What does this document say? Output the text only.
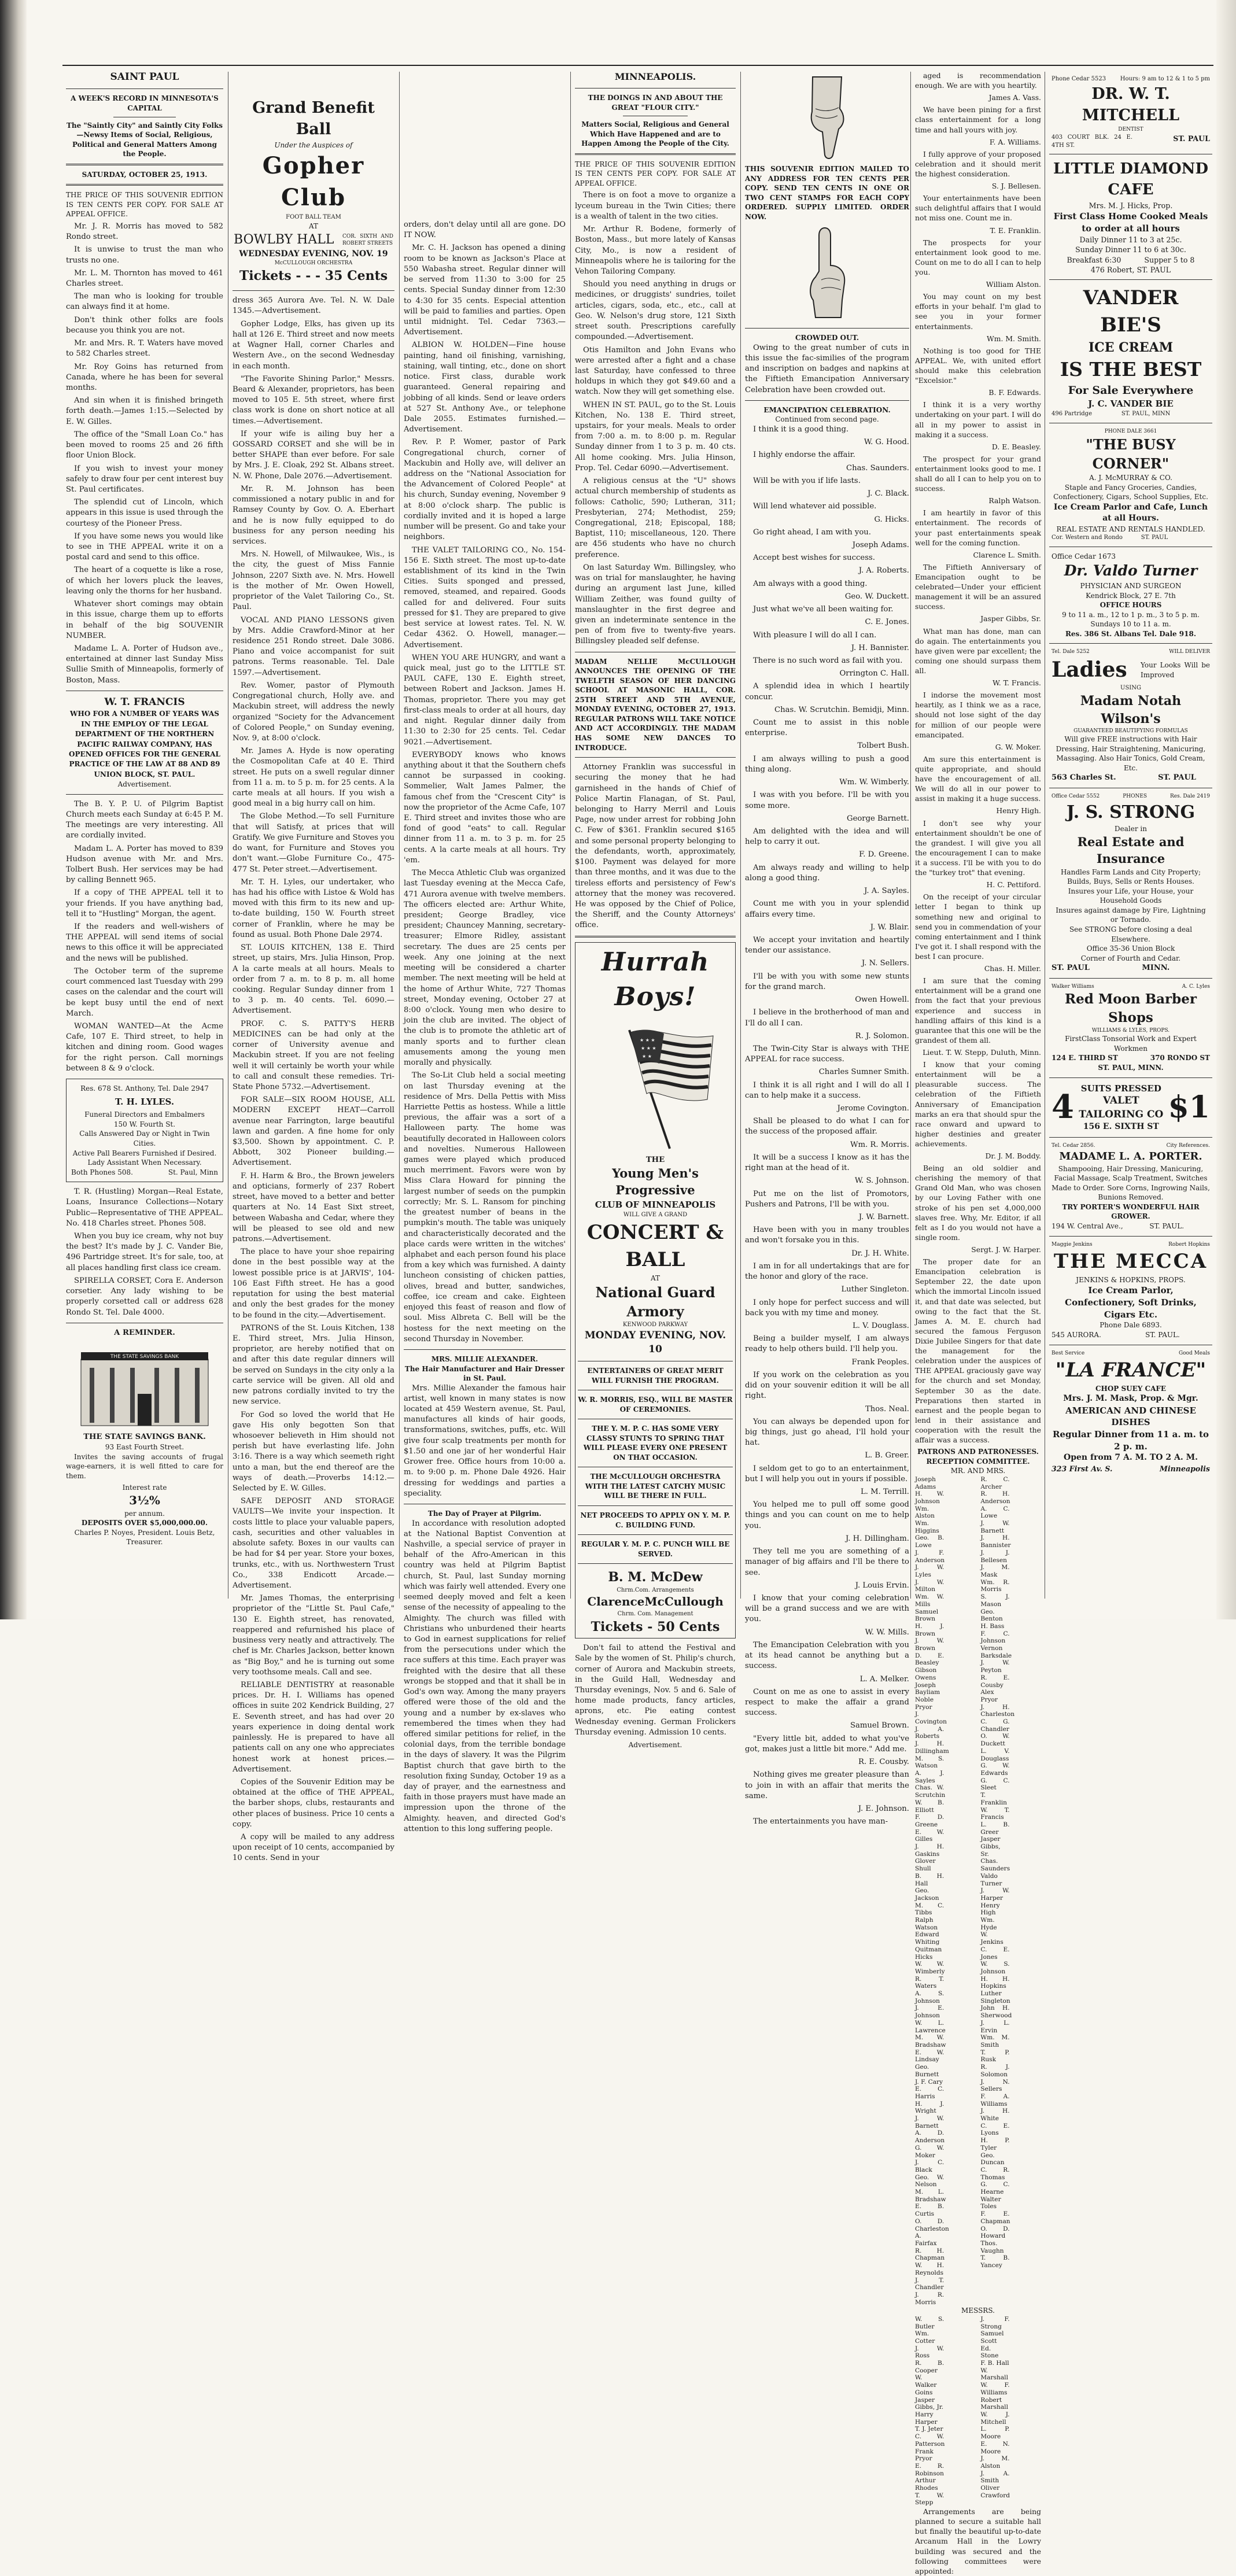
SAINT PAUL
A WEEK'S RECORD IN MINNESOTA'S CAPITAL
The "Saintly City" and Saintly City Folks—Newsy Items of Social, Religious, Political and General Matters Among the People.
SATURDAY, OCTOBER 25, 1913.

THE PRICE OF THIS SOUVENIR EDITION IS TEN CENTS PER COPY. FOR SALE AT APPEAL OFFICE.

Mr. J. R. Morris has moved to 582 Rondo street.

It is unwise to trust the man who trusts no one.

Mr. L. M. Thornton has moved to 461 Charles street.

The man who is looking for trouble can always find it at home.

Don't think other folks are fools because you think you are not.

Mr. and Mrs. R. T. Waters have moved to 582 Charles street.

Mr. Roy Goins has returned from Canada, where he has been for several months.

And sin when it is finished bringeth forth death.—James 1:15.—Selected by E. W. Gilles.

The office of the "Small Loan Co." has been moved to rooms 25 and 26 fifth floor Union Block.

If you wish to invest your money safely to draw four per cent interest buy St. Paul certificates.

The splendid cut of Lincoln, which appears in this issue is used through the courtesy of the Pioneer Press.

If you have some news you would like to see in THE APPEAL write it on a postal card and send to this office.

The heart of a coquette is like a rose, of which her lovers pluck the leaves, leaving only the thorns for her husband.

Whatever short comings may obtain in this issue, charge them up to efforts in behalf of the big SOUVENIR NUMBER.

Madame L. A. Porter of Hudson ave., entertained at dinner last Sunday Miss Sullie Smith of Minneapolis, formerly of Boston, Mass.

W. T. FRANCIS
WHO FOR A NUMBER OF YEARS WAS IN THE EMPLOY OF THE LEGAL DEPARTMENT OF THE NORTHERN PACIFIC RAILWAY COMPANY, HAS OPENED OFFICES FOR THE GENERAL PRACTICE OF THE LAW AT 88 AND 89 UNION BLOCK, ST. PAUL.
Advertisement.

The B. Y. P. U. of Pilgrim Baptist Church meets each Sunday at 6:45 P. M. The meetings are very interesting. All are cordially invited.

Madam L. A. Porter has moved to 839 Hudson avenue with Mr. and Mrs. Tolbert Bush. Her services may be had by calling Bennett 965.

If a copy of THE APPEAL tell it to your friends. If you have anything bad, tell it to "Hustling" Morgan, the agent.

If the readers and well-wishers of THE APPEAL will send items of social news to this office it will be appreciated and the news will be published.

The October term of the supreme court commenced last Tuesday with 299 cases on the calendar and the court will be kept busy until the end of next March.

WOMAN WANTED—At the Acme Cafe, 107 E. Third street, to help in kitchen and dining room. Good wages for the right person. Call mornings between 8 & 9 o'clock.

Res. 678 St. Anthony, Tel. Dale 2947
T. H. LYLES.
Funeral Directors and Embalmers
150 W. Fourth St.
Calls Answered Day or Night in Twin Cities.
Active Pall Bearers Furnished if Desired.
Lady Assistant When Necessary.
Both Phones 508.	St. Paul, Minn

T. R. (Hustling) Morgan—Real Estate, Loans, Insurance Collections—Notary Public—Representative of THE APPEAL. No. 418 Charles street. Phones 508.

When you buy ice cream, why not buy the best? It's made by J. C. Vander Bie, 496 Partridge street. It's for sale, too, at all places handling first class ice cream.

SPIRELLA CORSET, Cora E. Anderson corsetier. Any lady wishing to be properly corsetted call or address 628 Rondo St. Tel. Dale 4000.

A REMINDER.
THE STATE SAVINGS BANK
THE STATE SAVINGS BANK.
93 East Fourth Street.

Invites the saving accounts of frugal wage-earners, it is well fitted to care for them.

Interest rate
3½%
per annum.
DEPOSITS OVER $5,000,000.00.
Charles P. Noyes, President. Louis Betz, Treasurer.
Grand Benefit Ball
Under the Auspices of
Gopher Club
FOOT BALL TEAM
AT
BOWLBY HALL COR. SIXTH AND ROBERT STREETS
WEDNESDAY EVENING, NOV. 19
McCULLOUGH ORCHESTRA
Tickets - - - 35 Cents

dress 365 Aurora Ave. Tel. N. W. Dale 1345.—Advertisement.

Gopher Lodge, Elks, has given up its hall at 126 E. Third street and now meets at Wagner Hall, corner Charles and Western Ave., on the second Wednesday in each month.

"The Favorite Shining Parlor," Messrs. Beard & Alexander, proprietors, has been moved to 105 E. 5th street, where first class work is done on short notice at all times.—Advertisement.

If your wife is ailing buy her a GOSSARD CORSET and she will be in better SHAPE than ever before. For sale by Mrs. J. E. Cloak, 292 St. Albans street. N. W. Phone, Dale 2076.—Advertisement.

Mr. R. M. Johnson has been commissioned a notary public in and for Ramsey County by Gov. O. A. Eberhart and he is now fully equipped to do business for any person needing his services.

Mrs. N. Howell, of Milwaukee, Wis., is the city, the guest of Miss Fannie Johnson, 2207 Sixth ave. N. Mrs. Howell is the mother of Mr. Owen Howell, proprietor of the Valet Tailoring Co., St. Paul.

VOCAL AND PIANO LESSONS given by Mrs. Addie Crawford-Minor at her residence 251 Rondo street. Dale 3086. Piano and voice accompanist for suit patrons. Terms reasonable. Tel. Dale 1597.—Advertisement.

Rev. Womer, pastor of Plymouth Congregational church, Holly ave. and Mackubin street, will address the newly organized "Society for the Advancement of Colored People," on Sunday evening, Nov. 9, at 8:00 o'clock.

Mr. James A. Hyde is now operating the Cosmopolitan Cafe at 40 E. Third street. He puts on a swell regular dinner from 11 a. m. to 5 p. m. for 25 cents. A la carte meals at all hours. If you wish a good meal in a big hurry call on him.

The Globe Method.—To sell Furniture that will Satisfy, at prices that will Gratify. We give Furniture and Stoves you do want, for Furniture and Stoves you don't want.—Globe Furniture Co., 475-477 St. Peter street.—Advertisement.

Mr. T. H. Lyles, our undertaker, who has had his office with Listoe & Wold has moved with this firm to its new and up-to-date building, 150 W. Fourth street corner of Franklin, where he may be found as usual. Both Phone Dale 2974.

ST. LOUIS KITCHEN, 138 E. Third street, up stairs, Mrs. Julia Hinson, Prop. A la carte meals at all hours. Meals to order from 7 a. m. to 8 p. m. all home cooking. Regular Sunday dinner from 1 to 3 p. m. 40 cents. Tel. 6090.—Advertisement.

PROF. C. S. PATTY'S HERB MEDICINES can be had only at the corner of University avenue and Mackubin street. If you are not feeling well it will certainly be worth your while to call and consult these remedies. Tri-State Phone 5732.—Advertisement.

FOR SALE—SIX ROOM HOUSE, ALL MODERN EXCEPT HEAT—Carroll avenue near Farrington, large beautiful lawn and garden. A fine home for only $3,500. Shown by appointment. C. P. Abbott, 302 Pioneer building.—Advertisement.

F. H. Harm & Bro., the Brown jewelers and opticians, formerly of 237 Robert street, have moved to a better and better quarters at No. 14 East Sixt street, between Wabasha and Cedar, where they will be pleased to see old and new patrons.—Advertisement.

The place to have your shoe repairing done in the best possible way at the lowest possible price is at JARVIS', 104-106 East Fifth street. He has a good reputation for using the best material and only the best grades for the money to be found in the city.—Advertisement.

PATRONS of the St. Louis Kitchen, 138 E. Third street, Mrs. Julia Hinson, proprietor, are hereby notified that on and after this date regular dinners will be served on Sundays in the city only a la carte service will be given. All old and new patrons cordially invited to try the new service.

For God so loved the world that He gave His only begotten Son that whosoever believeth in Him should not perish but have everlasting life. John 3:16. There is a way which seemeth right unto a man, but the end thereof are the ways of death.—Proverbs 14:12.—Selected by E. W. Gilles.

SAFE DEPOSIT AND STORAGE VAULTS—We invite your inspection. It costs little to place your valuable papers, cash, securities and other valuables in absolute safety. Boxes in our vaults can be had for $4 per year. Store your boxes, trunks, etc., with us. Northwestern Trust Co., 338 Endicott Arcade.—Advertisement.

Mr. James Thomas, the enterprising proprietor of the "Little St. Paul Cafe," 130 E. Eighth street, has renovated, reappered and refurnished his place of business very neatly and attractively. The chef is Mr. Charles Jackson, better known as "Big Boy," and he is turning out some very toothsome meals. Call and see.

RELIABLE DENTISTRY at reasonable prices. Dr. H. I. Williams has opened offices in suite 202 Kendrick Building, 27 E. Seventh street, and has had over 20 years experience in doing dental work painlessly. He is prepared to have all patients call on any one who appreciates honest work at honest prices.—Advertisement.

Copies of the Souvenir Edition may be obtained at the office of THE APPEAL, the barber shops, clubs, restaurants and other places of business. Price 10 cents a copy.

A copy will be mailed to any address upon receipt of 10 cents, accompanied by 10 cents. Send in your

orders, don't delay until all are gone. DO IT NOW.

Mr. C. H. Jackson has opened a dining room to be known as Jackson's Place at 550 Wabasha street. Regular dinner will be served from 11:30 to 3:00 for 25 cents. Special Sunday dinner from 12:30 to 4:30 for 35 cents. Especial attention will be paid to families and parties. Open until midnight. Tel. Cedar 7363.—Advertisement.

ALBION W. HOLDEN—Fine house painting, hand oil finishing, varnishing, staining, wall tinting, etc., done on short notice. First class, durable work guaranteed. General repairing and jobbing of all kinds. Send or leave orders at 527 St. Anthony Ave., or telephone Dale 2055. Estimates furnished.—Advertisement.

Rev. P. P. Womer, pastor of Park Congregational church, corner of Mackubin and Holly ave, will deliver an address on the "National Association for the Advancement of Colored People" at his church, Sunday evening, November 9 at 8:00 o'clock sharp. The public is cordially invited and it is hoped a large number will be present. Go and take your neighbors.

THE VALET TAILORING CO., No. 154-156 E. Sixth street. The most up-to-date establishment of its kind in the Twin Cities. Suits sponged and pressed, removed, steamed, and repaired. Goods called for and delivered. Four suits pressed for $1. They are prepared to give best service at lowest rates. Tel. N. W. Cedar 4362. O. Howell, manager.—Advertisement.

WHEN YOU ARE HUNGRY, and want a quick meal, just go to the LITTLE ST. PAUL CAFE, 130 E. Eighth street, between Robert and Jackson. James H. Thomas, proprietor. There you may get first-class meals to order at all hours, day and night. Regular dinner daily from 11:30 to 2:30 for 25 cents. Tel. Cedar 9021.—Advertisement.

EVERYBODY knows who knows anything about it that the Southern chefs cannot be surpassed in cooking. Sommelier, Walt James Palmer, the famous chef from the "Crescent City" is now the proprietor of the Acme Cafe, 107 E. Third street and invites those who are fond of good "eats" to call. Regular dinner from 11 a. m. to 3 p. m. for 25 cents. A la carte meals at all hours. Try 'em.

The Mecca Athletic Club was organized last Tuesday evening at the Mecca Cafe, 471 Aurora avenue with twelve members. The officers elected are: Arthur White, president; George Bradley, vice president; Chauncey Manning, secretary-treasurer; Elmore Ridley, assistant secretary. The dues are 25 cents per week. Any one joining at the next meeting will be considered a charter member. The next meeting will be held at the home of Arthur White, 727 Thomas street, Monday evening, October 27 at 8:00 o'clock. Young men who desire to join the club are invited. The object of the club is to promote the athletic art of manly sports and to further clean amusements among the young men morally and physically.

The So-Lit Club held a social meeting on last Thursday evening at the residence of Mrs. Della Pettis with Miss Harriette Pettis as hostess. While a little previous, the affair was a sort of a Halloween party. The home was beautifully decorated in Halloween colors and novelties. Numerous Halloween games were played which produced much merriment. Favors were won by Miss Clara Howard for pinning the largest number of seeds on the pumpkin correctly; Mr. S. L. Ransom for pinching the greatest number of beans in the pumpkin's mouth. The table was uniquely and characteristically decorated and the place cards were written in the witches' alphabet and each person found his place from a key which was furnished. A dainty luncheon consisting of chicken patties, olives, bread and butter, sandwiches, coffee, ice cream and cake. Eighteen enjoyed this feast of reason and flow of soul. Miss Albreta C. Bell will be the hostess for the next meeting on the second Thursday in November.

MRS. MILLIE ALEXANDER.
The Hair Manufacturer and Hair Dresser in St. Paul.

Mrs. Millie Alexander the famous hair artist, well known in many states is now located at 459 Western avenue, St. Paul, manufactures all kinds of hair goods, transformations, switches, puffs, etc. Will give four scalp treatments per month for $1.50 and one jar of her wonderful Hair Grower free. Office hours from 10:00 a. m. to 9:00 p. m. Phone Dale 4926. Hair dressing for weddings and parties a speciality.

The Day of Prayer at Pilgrim.

In accordance with resolution adopted at the National Baptist Convention at Nashville, a special service of prayer in behalf of the Afro-American in this country was held at Pilgrim Baptist church, St. Paul, last Sunday morning which was fairly well attended. Every one seemed deeply moved and felt a keen sense of the necessity of appealing to the Almighty. The church was filled with Christians who unburdened their hearts to God in earnest supplications for relief from the persecutions under which the race suffers at this time. Each prayer was freighted with the desire that all these wrongs be stopped and that it shall be in God's own way. Among the many prayers offered were those of the old and the young and a number by ex-slaves who remembered the times when they had offered similar petitions for relief, in the colonial days, from the terrible bondage in the days of slavery. It was the Pilgrim Baptist church that gave birth to the resolution fixing Sunday, October 19 as a day of prayer, and the earnestness and faith in those prayers must have made an impression upon the throne of the Almighty. heaven, and directed God's attention to this long suffering people.

MINNEAPOLIS.
THE DOINGS IN AND ABOUT THE GREAT "FLOUR CITY."
Matters Social, Religious and General Which Have Happened and are to Happen Among the People of the City.

THE PRICE OF THIS SOUVENIR EDITION IS TEN CENTS PER COPY. FOR SALE AT APPEAL OFFICE.

There is on foot a move to organize a lyceum bureau in the Twin Cities; there is a wealth of talent in the two cities.

Mr. Arthur R. Bodene, formerly of Boston, Mass., but more lately of Kansas City, Mo., is now a resident of Minneapolis where he is tailoring for the Vehon Tailoring Company.

Should you need anything in drugs or medicines, or druggists' sundries, toilet articles, cigars, soda, etc., etc., call at Geo. W. Nelson's drug store, 121 Sixth street south. Prescriptions carefully compounded.—Advertisement.

Otis Hamilton and John Evans who were arrested after a fight and a chase last Saturday, have confessed to three holdups in which they got $49.60 and a watch. Now they will get something else.

WHEN IN ST. PAUL, go to the St. Louis Kitchen, No. 138 E. Third street, upstairs, for your meals. Meals to order from 7:00 a. m. to 8:00 p. m. Regular Sunday dinner from 1 to 3 p. m. 40 cts. All home cooking. Mrs. Julia Hinson, Prop. Tel. Cedar 6090.—Advertisement.

A religious census at the "U" shows actual church membership of students as follows: Catholic, 590; Lutheran, 311; Presbyterian, 274; Methodist, 259; Congregational, 218; Episcopal, 188; Baptist, 110; miscellaneous, 120. There are 456 students who have no church preference.

On last Saturday Wm. Billingsley, who was on trial for manslaughter, he having during an argument last June, killed William Zeither, was found guilty of manslaughter in the first degree and given an indeterminate sentence in the pen of from five to twenty-five years. Billingsley pleaded self defense.

MADAM NELLIE McCULLOUGH ANNOUNCES THE OPENING OF THE TWELFTH SEASON OF HER DANCING SCHOOL AT MASONIC HALL, COR. 25TH STREET AND 5TH AVENUE, MONDAY EVENING, OCTOBER 27, 1913. REGULAR PATRONS WILL TAKE NOTICE AND ACT ACCORDINGLY. THE MADAM HAS SOME NEW DANCES TO INTRODUCE.

Attorney Franklin was successful in securing the money that he had garnisheed in the hands of Chief of Police Martin Flanagan, of St. Paul, belonging to Harry Merril and Louis Page, now under arrest for robbing John C. Few of $361. Franklin secured $165 and some personal property belonging to the defendants, worth, approximately, $100. Payment was delayed for more than three months, and it was due to the tireless efforts and persistency of Few's attorney that the money was recovered. He was opposed by the Chief of Police, the Sheriff, and the County Attorneys' office.

Hurrah Boys!
★ ★ ★
★ ★ ★
★ ★
THE
Young Men's Progressive
CLUB OF MINNEAPOLIS
WILL GIVE A GRAND
CONCERT & BALL
AT
National Guard Armory
KENWOOD PARKWAY
MONDAY EVENING, NOV. 10
ENTERTAINERS OF GREAT MERIT WILL FURNISH THE PROGRAM.
W. R. MORRIS, ESQ., WILL BE MASTER OF CEREMONIES.
THE Y. M. P. C. HAS SOME VERY CLASSY STUNTS TO SPRING THAT WILL PLEASE EVERY ONE PRESENT ON THAT OCCASION.
THE McCULLOUGH ORCHESTRA WITH THE LATEST CATCHY MUSIC WILL BE THERE IN FULL.
NET PROCEEDS TO APPLY ON Y. M. P. C. BUILDING FUND.
REGULAR Y. M. P. C. PUNCH WILL BE SERVED.
B. M. McDew
Chrm.Com. Arrangements
ClarenceMcCullough
Chrm. Com. Management
Tickets - 50 Cents

Don't fail to attend the Festival and Sale by the women of St. Philip's church, corner of Aurora and Mackubin streets, in the Guild Hall, Wednesday and Thursday evenings, Nov. 5 and 6. Sale of home made products, fancy articles, aprons, etc. Pie eating contest Wednesday evening. German Frolickers Thursday evening. Admission 10 cents.

Advertisement.

THIS SOUVENIR EDITION MAILED TO ANY ADDRESS FOR TEN CENTS PER COPY. SEND TEN CENTS IN ONE OR TWO CENT STAMPS FOR EACH COPY ORDERED. SUPPLY LIMITED. ORDER NOW.

CROWDED OUT.

Owing to the great number of cuts in this issue the fac-similies of the program and inscription on badges and napkins at the Fiftieth Emancipation Anniversary Celebration have been crowded out.

EMANCIPATION CELEBRATION.
Continued from second page.

I think it is a good thing.

W. G. Hood.

I highly endorse the affair.

Chas. Saunders.

Will be with you if life lasts.

J. C. Black.

Will lend whatever aid possible.

G. Hicks.

Go right ahead, I am with you.

Joseph Adams.

Accept best wishes for success.

J. A. Roberts.

Am always with a good thing.

Geo. W. Duckett.

Just what we've all been waiting for.

C. E. Jones.

With pleasure I will do all I can.

J. H. Bannister.

There is no such word as fail with you.

Orrington C. Hall.

A splendid idea in which I heartily concur.

Chas. W. Scrutchin. Bemidji, Minn.

Count me to assist in this noble enterprise.

Tolbert Bush.

I am always willing to push a good thing along.

Wm. W. Wimberly.

I was with you before. I'll be with you some more.

George Barnett.

Am delighted with the idea and will help to carry it out.

F. D. Greene.

Am always ready and willing to help along a good thing.

J. A. Sayles.

Count me with you in your splendid affairs every time.

J. W. Blair.

We accept your invitation and heartily tender our assistance.

J. N. Sellers.

I'll be with you with some new stunts for the grand march.

Owen Howell.

I believe in the brotherhood of man and I'll do all I can.

R. J. Solomon.

The Twin-City Star is always with THE APPEAL for race success.

Charles Sumner Smith.

I think it is all right and I will do all I can to help make it a success.

Jerome Covington.

Shall be pleased to do what I can for the success of the proposed affair.

Wm. R. Morris.

It will be a success I know as it has the right man at the head of it.

W. S. Johnson.

Put me on the list of Promotors, Pushers and Patrons, I'll be with you.

J. W. Barnett.

Have been with you in many troubles and won't forsake you in this.

Dr. J. H. White.

I am in for all undertakings that are for the honor and glory of the race.

Luther Singleton.

I only hope for perfect success and will back you with my time and money.

L. V. Douglass.

Being a builder myself, I am always ready to help others build. I'll help you.

Frank Peoples.

If you work on the celebration as you did on your souvenir edition it will be all right.

Thos. Neal.

You can always be depended upon for big things, just go ahead, I'll hold your hat.

L. B. Greer.

I seldom get to go to an entertainment, but I will help you out in yours if possible.

L. M. Terrill.

You helped me to pull off some good things and you can count on me to help you.

J. H. Dillingham.

They tell me you are something of a manager of big affairs and I'll be there to see.

J. Louis Ervin.

I know that your coming celebration will be a grand success and we are with you.

W. W. Mills.

The Emancipation Celebration with you at its head cannot be anything but a success.

L. A. Melker.

Count on me as one to assist in every respect to make the affair a grand success.

Samuel Brown.

"Every little bit, added to what you've got, makes just a little bit more." Add me.

R. E. Cousby.

Nothing gives me greater pleasure than to join in with an affair that merits the same.

J. E. Johnson.

The entertainments you have man-

aged is recommendation enough. We are with you heartily.

James A. Vass.

We have been pining for a first class entertainment for a long time and hall yours with joy.

F. A. Williams.

I fully approve of your proposed celebration and it should merit the highest consideration.

S. J. Bellesen.

Your entertainments have been such delightful affairs that I would not miss one. Count me in.

T. E. Franklin.

The prospects for your entertainment look good to me. Count on me to do all I can to help you.

William Alston.

You may count on my best efforts in your behalf. I'm glad to see you in your former entertainments.

Wm. M. Smith.

Nothing is too good for THE APPEAL. We, with united effort should make this celebration "Excelsior."

B. F. Edwards.

I think it is a very worthy undertaking on your part. I will do all in my power to assist in making it a success.

D. E. Beasley.

The prospect for your grand entertainment looks good to me. I shall do all I can to help you on to success.

Ralph Watson.

I am heartily in favor of this entertainment. The records of your past entertainments speak well for the coming function.

Clarence L. Smith.

The Fiftieth Anniversary of Emancipation ought to be celebrated—Under your efficient management it will be an assured success.

Jasper Gibbs, Sr.

What man has done, man can do again. The entertainments you have given were par excellent; the coming one should surpass them all.

W. T. Francis.

I indorse the movement most heartily, as I think we as a race, should not lose sight of the day for million of our people were emancipated.

G. W. Moker.

Am sure this entertainment is quite appropriate, and should have the encouragement of all. We will do all in our power to assist in making it a huge success.

Henry High.

I don't see why your entertainment shouldn't be one of the grandest. I will give you all the encouragement I can to make it a success. I'll be with you to do the "turkey trot" that evening.

H. C. Pettiford.

On the receipt of your circular letter I began to think up something new and original to send you in commendation of your coming entertainment and I think I've got it. I shall respond with the best I can procure.

Chas. H. Miller.

I am sure that the coming entertainment will be a grand one from the fact that your previous experience and success in handling affairs of this kind is a guarantee that this one will be the grandest of them all.

Lieut. T. W. Stepp, Duluth, Minn.

I know that your coming entertainment will be a pleasurable success. The celebration of the Fiftieth Anniversary of Emancipation marks an era that should spur the race onward and upward to higher destinies and greater achievements.

Dr. J. M. Boddy.

Being an old soldier and cherishing the memory of that Grand Old Man, who was chosen by our Loving Father with one stroke of his pen set 4,000,000 slaves free. Why, Mr. Editor, if all felt as I do you would not have a single room.

Sergt. J. W. Harper.

The proper date for an Emancipation celebration is September 22, the date upon which the immortal Lincoln issued it, and that date was selected, but owing to the fact that the St. James A. M. E. church had secured the famous Ferguson Dixie Jubilee Singers for that date the management for the celebration under the auspices of THE APPEAL graciously gave way for the church and set Monday, September 30 as the date. Preparations then started in earnest and the people began to lend in their assistance and cooperation with the result the affair was a success.

PATRONS AND PATRONESSES.
RECEPTION COMMITTEE.
MR. AND MRS.
Joseph Adams
H. W. Johnson
Wm. Alston
Wm. Higgins
Geo. B. Lowe
J. F. Anderson
J. W. Lyles
J. W. Milton
Wm. W. Mills
Samuel Brown
H. J. Brown
J. W. Brown
D. E. Beasley
Gibson Owens
Joseph Bayliam
Noble Pryor
J. Covington
J. A. Roberts
J. H. Dillingham
M. S. Watson
A. J. Sayles
Chas. W. Scrutchin
W. B. Elliott
F. D. Greene
E. W. Gilles
J. H. Gaskins
Glover Shull
B. H. Hall
Geo. Jackson
M. C. Tibbs
Ralph Watson
Edward Whiting
Quitman Hicks
W. W. Wimberly
R. T. Waters
A. S. Johnson
J. E. Johnson
W. L. Lawrence
M. W. Bradshaw
E. W. Lindsay
Geo. Burnett
J. F. Cary
E. C. Harris
H. J. Wright
J. W. Barnett
A. D. Anderson
G. W. Moker
J. C. Black
Geo. W. Nelson
M. L. Bradshaw
E. B. Curtis
O. D. Charleston
A. Fairfax
R. H. Chapman
W. H. Reynolds
J. T. Chandler
J. R. Morris
R. C. Archer
R. H. Anderson
A. C. Lowe
J. W. Barnett
J. H. Bannister
J. J. Bellesen
J. M. Mask
Wm. R. Morris
S. J. Mason
Geo. Benton
H. Bass
F. C. Johnson
Vernon Barksdale
J. W. Peyton
R. E. Cousby
Alex Pryor
J. H. Charleston
C. G. Chandler
O. W. Duckett
L. V. Douglass
G. W. Edwards
G. C. Sleet
T. Franklin
W. T. Francis
L. B. Greer
Jasper Gibbs, Sr.
Chas. Saunders
Valdo Turner
J. W. Harper
Henry High
Wm. Hyde
W. Jenkins
C. E. Jones
W. S. Johnson
H. H. Hopkins
Luther Singleton
John H. Sherwood
J. L. Ervin
Wm. M. Smith
T. P. Rusk
R. J. Solomon
J. N. Sellers
F. A. Williams
J. H. White
C. E. Lyons
H. P. Tyler
Geo. Duncan
C. R. Thomas
G. C. Hearne
Walter Toles
F. E. Chapman
O. D. Howard
Thos. Vaughn
T. B. Yancey
MESSRS.
W. S. Butler
Wm. Cotter
J. W. Ross
R. B. Cooper
W. Walker Goins
Jasper Gibbs, Jr.
Harry Harper
T. J. Jeter
C. W. Patterson
Frank Pryor
E. R. Robinson
Arthur Rhodes
T. W. Stepp
J. F. Strong
Samuel Scott
Ed. Stone
F. B. Hall
W. Marshall
W. F. Williams
Robert Marshall
W. J. Mitchell
L. P. Moore
E. N. Moore
J. M. Alston
J. A. Smith
Oliver Crawford

Arrangements are being planned to secure a suitable hall but finally the beautiful up-to-date Arcanum Hall in the Lowry building was secured and the following committees were appointed:

Phone Cedar 5523 Hours: 9 am to 12 & 1 to 5 pm
DR. W. T. MITCHELL
DENTIST
403 COURT BLK. 24 E. 4TH ST.
ST. PAUL
LITTLE DIAMOND CAFE
Mrs. M. J. Hicks, Prop.
First Class Home Cooked Meals to order at all hours
Daily Dinner 11 to 3 at 25c.
Sunday Dinner 11 to 6 at 30c.
Breakfast 6:30          Supper 5 to 8
476 Robert, ST. PAUL
VANDER BIE'S
ICE CREAM
IS THE BEST
For Sale Everywhere
J. C. VANDER BIE
496 Partridge                ST. PAUL, MINN
PHONE DALE 3661
"THE BUSY CORNER"
A. J. McMURRAY & CO.
Staple and Fancy Groceries, Candies, Confectionery, Cigars, School Supplies, Etc.
Ice Cream Parlor and Cafe, Lunch at all Hours.
REAL ESTATE AND RENTALS HANDLED.
Cor. Western and Rondo          ST. PAUL
Office Cedar 1673
Dr. Valdo Turner
PHYSICIAN AND SURGEON
Kendrick Block, 27 E. 7th
OFFICE HOURS
9 to 11 a. m., 12 to 1 p. m., 3 to 5 p. m.
Sundays 10 to 11 a. m.
Res. 386 St. Albans Tel. Dale 918.
Tel. Dale 5252	WILL DELIVER
Ladies Your Looks Will be Improved
USING
Madam Notah Wilson's
GUARANTEED BEAUTIFYING FORMULAS
Will give FREE instructions with Hair Dressing, Hair Straightening, Manicuring, Massaging. Also Hair Tonics, Gold Cream, Etc.
563 Charles St.                ST. PAUL
Office Cedar 5552	PHONES	Res. Dale 2419
J. S. STRONG
Dealer in
Real Estate and Insurance
Handles Farm Lands and City Property; Builds, Buys, Sells or Rents Houses.
Insures your Life, your House, your Household Goods
Insures against damage by Fire, Lightning or Tornado.
See STRONG before closing a deal Elsewhere.
Office 35-36 Union Block
Corner of Fourth and Cedar.
ST. PAUL                    MINN.
Walker Williams	A. C. Lyles
Red Moon Barber Shops
WILLIAMS & LYLES, PROPS.
FirstClass Tonsorial Work and Expert Workmen
124 E. THIRD ST	370 RONDO ST
ST. PAUL, MINN.
4 SUITS PRESSED
VALET TAILORING CO
156 E. SIXTH ST
$1
Tel. Cedar 2856.	City References.
MADAME L. A. PORTER.
Shampooing, Hair Dressing, Manicuring, Facial Massage, Scalp Treatment, Switches Made to Order. Sore Corns, Ingrowing Nails, Bunions Removed.
TRY PORTER'S WONDERFUL HAIR GROWER.
194 W. Central Ave.,            ST. PAUL.
Maggie Jenkins	Robert Hopkins
THE MECCA
JENKINS & HOPKINS, PROPS.
Ice Cream Parlor, Confectionery, Soft Drinks, Cigars Etc.
Phone Dale 6893.
545 AURORA.                    ST. PAUL.
Best Service	Good Meals
"LA FRANCE"
CHOP SUEY CAFE
Mrs. J. M. Mask, Prop. & Mgr.
AMERICAN AND CHINESE DISHES
Regular Dinner from 11 a. m. to 2 p. m.
Open from 7 A. M. TO 2 A. M.
323 First Av. S.	Minneapolis
